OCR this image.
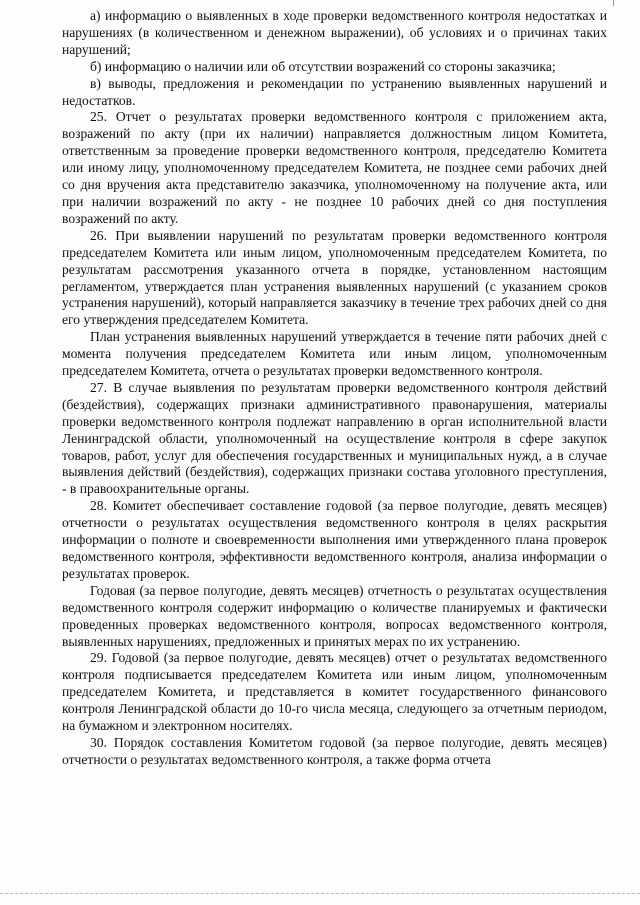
а) информацию о выявленных в ходе проверки ведомственного контроля недостатках и нарушениях (в количественном и денежном выражении), об условиях и о причинах таких нарушений;

б) информацию о наличии или об отсутствии возражений со стороны заказчика;

в) выводы, предложения и рекомендации по устранению выявленных нарушений и недостатков.

25. Отчет о результатах проверки ведомственного контроля с приложением акта, возражений по акту (при их наличии) направляется должностным лицом Комитета, ответственным за проведение проверки ведомственного контроля, председателю Комитета или иному лицу, уполномоченному председателем Комитета, не позднее семи рабочих дней со дня вручения акта представителю заказчика, уполномоченному на получение акта, или при наличии возражений по акту - не позднее 10 рабочих дней со дня поступления возражений по акту.

26. При выявлении нарушений по результатам проверки ведомственного контроля председателем Комитета или иным лицом, уполномоченным председателем Комитета, по результатам рассмотрения указанного отчета в порядке, установленном настоящим регламентом, утверждается план устранения выявленных нарушений (с указанием сроков устранения нарушений), который направляется заказчику в течение трех рабочих дней со дня его утверждения председателем Комитета.

План устранения выявленных нарушений утверждается в течение пяти рабочих дней с момента получения председателем Комитета или иным лицом, уполномоченным председателем Комитета, отчета о результатах проверки ведомственного контроля.

27. В случае выявления по результатам проверки ведомственного контроля действий (бездействия), содержащих признаки административного правонарушения, материалы проверки ведомственного контроля подлежат направлению в орган исполнительной власти Ленинградской области, уполномоченный на осуществление контроля в сфере закупок товаров, работ, услуг для обеспечения государственных и муниципальных нужд, а в случае выявления действий (бездействия), содержащих признаки состава уголовного преступления, - в правоохранительные органы.

28. Комитет обеспечивает составление годовой (за первое полугодие, девять месяцев) отчетности о результатах осуществления ведомственного контроля в целях раскрытия информации о полноте и своевременности выполнения ими утвержденного плана проверок ведомственного контроля, эффективности ведомственного контроля, анализа информации о результатах проверок.

Годовая (за первое полугодие, девять месяцев) отчетность о результатах осуществления ведомственного контроля содержит информацию о количестве планируемых и фактически проведенных проверках ведомственного контроля, вопросах ведомственного контроля, выявленных нарушениях, предложенных и принятых мерах по их устранению.

29. Годовой (за первое полугодие, девять месяцев) отчет о результатах ведомственного контроля подписывается председателем Комитета или иным лицом, уполномоченным председателем Комитета, и представляется в комитет государственного финансового контроля Ленинградской области до 10-го числа месяца, следующего за отчетным периодом, на бумажном и электронном носителях.

30. Порядок составления Комитетом годовой (за первое полугодие, девять месяцев) отчетности о результатах ведомственного контроля, а также форма отчета
